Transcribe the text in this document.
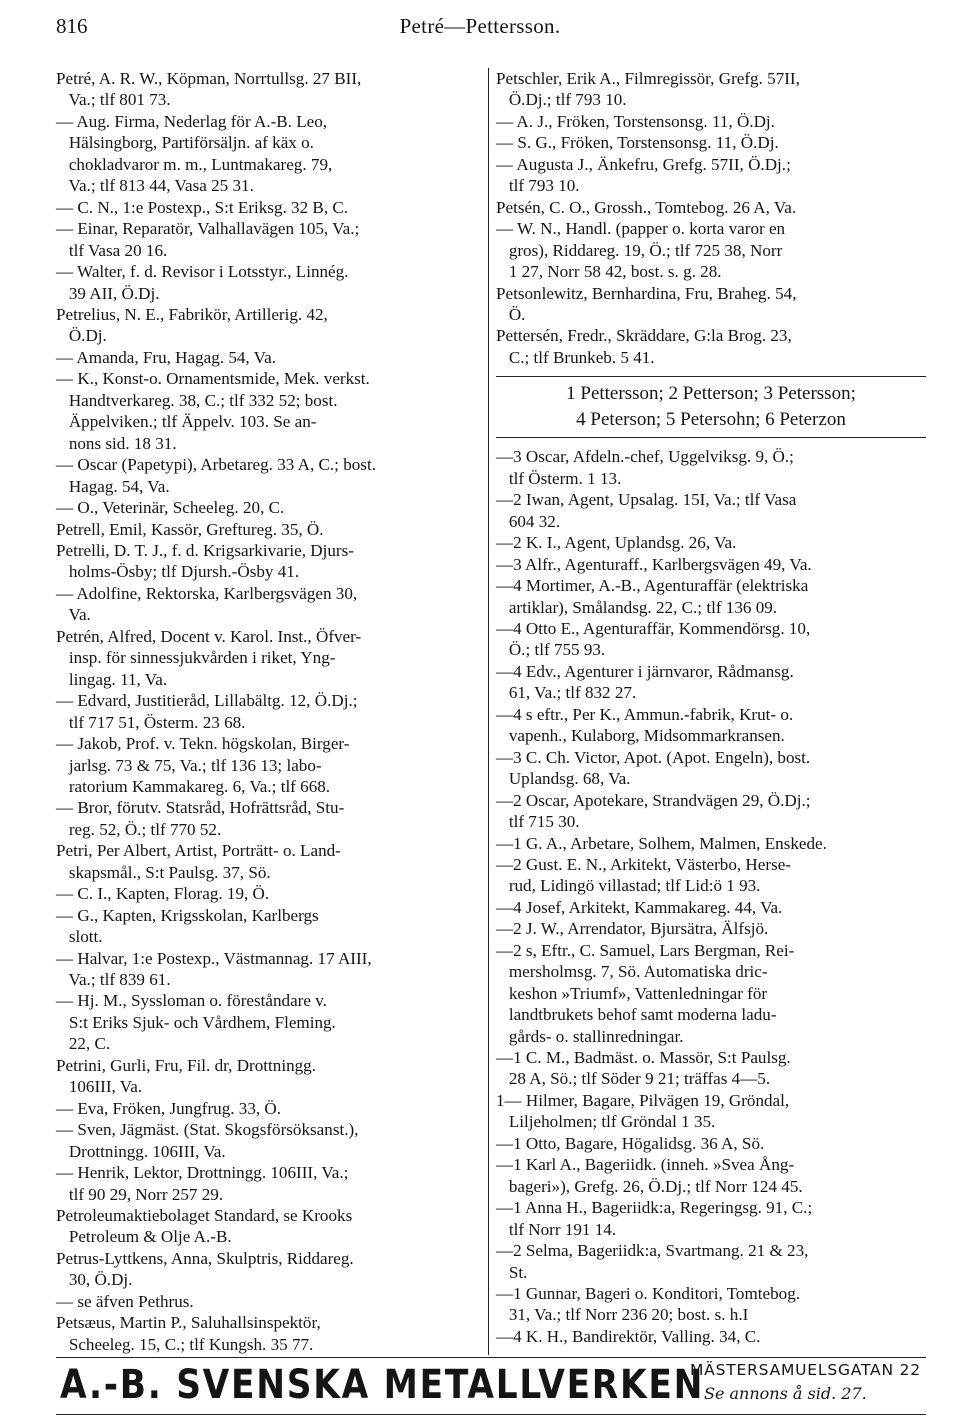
816	Petré—Pettersson.
Petré, A. R. W., Köpman, Norrtullsg. 27 BII,
Va.; tlf 801 73.
— Aug. Firma, Nederlag för A.-B. Leo,
Hälsingborg, Partiförsäljn. af käx o.
chokladvaror m. m., Luntmakareg. 79,
Va.; tlf 813 44, Vasa 25 31.
— C. N., 1:e Postexp., S:t Eriksg. 32 B, C.
— Einar, Reparatör, Valhallavägen 105, Va.;
tlf Vasa 20 16.
— Walter, f. d. Revisor i Lotsstyr., Linnég.
39 AII, Ö.Dj.
Petrelius, N. E., Fabrikör, Artillerig. 42,
Ö.Dj.
— Amanda, Fru, Hagag. 54, Va.
— K., Konst-o. Ornamentsmide, Mek. verkst.
Handtverkareg. 38, C.; tlf 332 52; bost.
Äppelviken.; tlf Äppelv. 103. Se an-
nons sid. 18 31.
— Oscar (Papetypi), Arbetareg. 33 A, C.; bost.
Hagag. 54, Va.
— O., Veterinär, Scheeleg. 20, C.
Petrell, Emil, Kassör, Greftureg. 35, Ö.
Petrelli, D. T. J., f. d. Krigsarkivarie, Djurs-
holms-Ösby; tlf Djursh.-Ösby 41.
— Adolfine, Rektorska, Karlbergsvägen 30,
Va.
Petrén, Alfred, Docent v. Karol. Inst., Öfver-
insp. för sinnessjukvården i riket, Yng-
lingag. 11, Va.
— Edvard, Justitieråd, Lillabältg. 12, Ö.Dj.;
tlf 717 51, Österm. 23 68.
— Jakob, Prof. v. Tekn. högskolan, Birger-
jarlsg. 73 & 75, Va.; tlf 136 13; labo-
ratorium Kammakareg. 6, Va.; tlf 668.
— Bror, förutv. Statsråd, Hofrättsråd, Stu-
reg. 52, Ö.; tlf 770 52.
Petri, Per Albert, Artist, Porträtt- o. Land-
skapsmål., S:t Paulsg. 37, Sö.
— C. I., Kapten, Florag. 19, Ö.
— G., Kapten, Krigsskolan, Karlbergs
slott.
— Halvar, 1:e Postexp., Västmannag. 17 AIII,
Va.; tlf 839 61.
— Hj. M., Syssloman o. föreståndare v.
S:t Eriks Sjuk- och Vårdhem, Fleming.
22, C.
Petrini, Gurli, Fru, Fil. dr, Drottningg.
106III, Va.
— Eva, Fröken, Jungfrug. 33, Ö.
— Sven, Jägmäst. (Stat. Skogsförsöksanst.),
Drottningg. 106III, Va.
— Henrik, Lektor, Drottningg. 106III, Va.;
tlf 90 29, Norr 257 29.
Petroleumaktiebolaget Standard, se Krooks
Petroleum & Olje A.-B.
Petrus-Lyttkens, Anna, Skulptris, Riddareg.
30, Ö.Dj.
— se äfven Pethrus.
Petsæus, Martin P., Saluhallsinspektör,
Scheeleg. 15, C.; tlf Kungsh. 35 77.
Petschler, Erik A., Filmregissör, Grefg. 57II,
Ö.Dj.; tlf 793 10.
— A. J., Fröken, Torstensonsg. 11, Ö.Dj.
— S. G., Fröken, Torstensonsg. 11, Ö.Dj.
— Augusta J., Änkefru, Grefg. 57II, Ö.Dj.;
tlf 793 10.
Petsén, C. O., Grossh., Tomtebog. 26 A, Va.
— W. N., Handl. (papper o. korta varor en
gros), Riddareg. 19, Ö.; tlf 725 38, Norr
1 27, Norr 58 42, bost. s. g. 28.
Petsonlewitz, Bernhardina, Fru, Braheg. 54,
Ö.
Pettersén, Fredr., Skräddare, G:la Brog. 23,
C.; tlf Brunkeb. 5 41.
1 Pettersson; 2 Petterson; 3 Petersson;
4 Peterson; 5 Petersohn; 6 Peterzon
—3 Oscar, Afdeln.-chef, Uggelviksg. 9, Ö.;
tlf Österm. 1 13.
—2 Iwan, Agent, Upsalag. 15I, Va.; tlf Vasa
604 32.
—2 K. I., Agent, Uplandsg. 26, Va.
—3 Alfr., Agenturaff., Karlbergsvägen 49, Va.
—4 Mortimer, A.-B., Agenturaffär (elektriska
artiklar), Smålandsg. 22, C.; tlf 136 09.
—4 Otto E., Agenturaffär, Kommendörsg. 10,
Ö.; tlf 755 93.
—4 Edv., Agenturer i järnvaror, Rådmansg.
61, Va.; tlf 832 27.
—4 s eftr., Per K., Ammun.-fabrik, Krut- o.
vapenh., Kulaborg, Midsommarkransen.
—3 C. Ch. Victor, Apot. (Apot. Engeln), bost.
Uplandsg. 68, Va.
—2 Oscar, Apotekare, Strandvägen 29, Ö.Dj.;
tlf 715 30.
—1 G. A., Arbetare, Solhem, Malmen, Enskede.
—2 Gust. E. N., Arkitekt, Västerbo, Herse-
rud, Lidingö villastad; tlf Lid:ö 1 93.
—4 Josef, Arkitekt, Kammakareg. 44, Va.
—2 J. W., Arrendator, Bjursätra, Älfsjö.
—2 s, Eftr., C. Samuel, Lars Bergman, Rei-
mersholmsg. 7, Sö. Automatiska dric-
keshon »Triumf», Vattenledningar för
landtbrukets behof samt moderna ladu-
gårds- o. stallinredningar.
—1 C. M., Badmäst. o. Massör, S:t Paulsg.
28 A, Sö.; tlf Söder 9 21; träffas 4—5.
1— Hilmer, Bagare, Pilvägen 19, Gröndal,
Liljeholmen; tlf Gröndal 1 35.
—1 Otto, Bagare, Högalidsg. 36 A, Sö.
—1 Karl A., Bageriidk. (inneh. »Svea Ång-
bageri»), Grefg. 26, Ö.Dj.; tlf Norr 124 45.
—1 Anna H., Bageriidk:a, Regeringsg. 91, C.;
tlf Norr 191 14.
—2 Selma, Bageriidk:a, Svartmang. 21 & 23,
St.
—1 Gunnar, Bageri o. Konditori, Tomtebog.
31, Va.; tlf Norr 236 20; bost. s. h.I
—4 K. H., Bandirektör, Valling. 34, C.
A.-B. SVENSKA METALLVERKEN
MÄSTERSAMUELSGATAN 22
Se annons å sid. 27.
